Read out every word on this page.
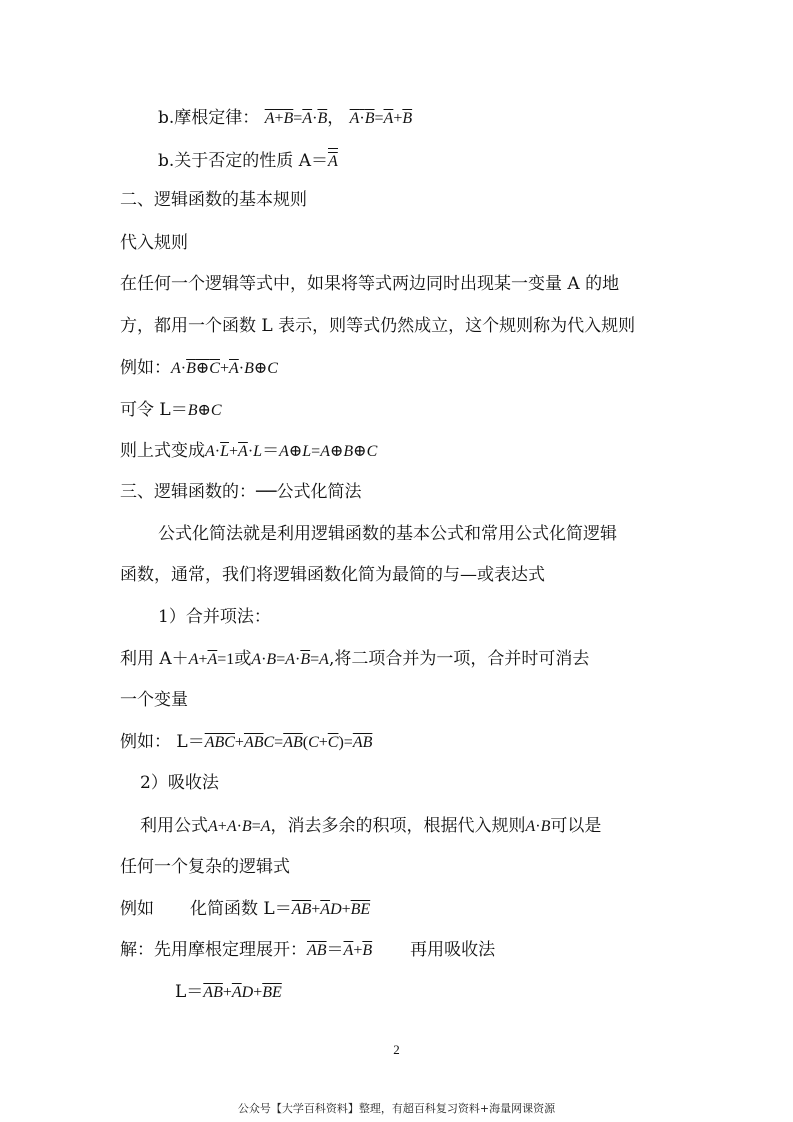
b.摩根定律： $A+B=\overline{A}\cdot\overline{B}$， $A\cdot B=\overline{A}+\overline{B}$
b.关于否定的性质 $A=\overline{A}$
二、逻辑函数的基本规则
代入规则
在任何一个逻辑等式中，如果将等式两边同时出现某一变量 A 的地
方，都用一个函数 L 表示，则等式仍然成立，这个规则称为代入规则
例如：$A\cdot B\oplus C+\overline{A}\cdot B\oplus C$
可令 L＝B⊕C
则上式变成$A\cdot\overline{L}+\overline{A}\cdot L=A\oplus L=A\oplus B\oplus C$
三、逻辑函数的：──公式化简法
公式化简法就是利用逻辑函数的基本公式和常用公式化简逻辑
函数，通常，我们将逻辑函数化简为最简的与—或表达式
1）合并项法：
利用 $A+A+\overline{A}=1$或$A\cdot B=A\cdot\overline{B}=A$,将二项合并为一项，合并时可消去
一个变量
例如： $L=\overline{ABC}+\overline{AB}C=\overline{AB}(C+\overline{C})=\overline{AB}$
2）吸收法
利用公式A+A·B=A，消去多余的积项，根据代入规则A·B可以是
任何一个复杂的逻辑式
例如 化简函数 $L=\overline{AB}+\overline{A}D+\overline{BE}$
解：先用摩根定理展开：$\overline{AB}=\overline{A}+\overline{B}$ 再用吸收法
$L=\overline{AB}+\overline{A}D+\overline{BE}$
2
公众号【大学百科资料】整理，有超百科复习资料+海量网课资源
